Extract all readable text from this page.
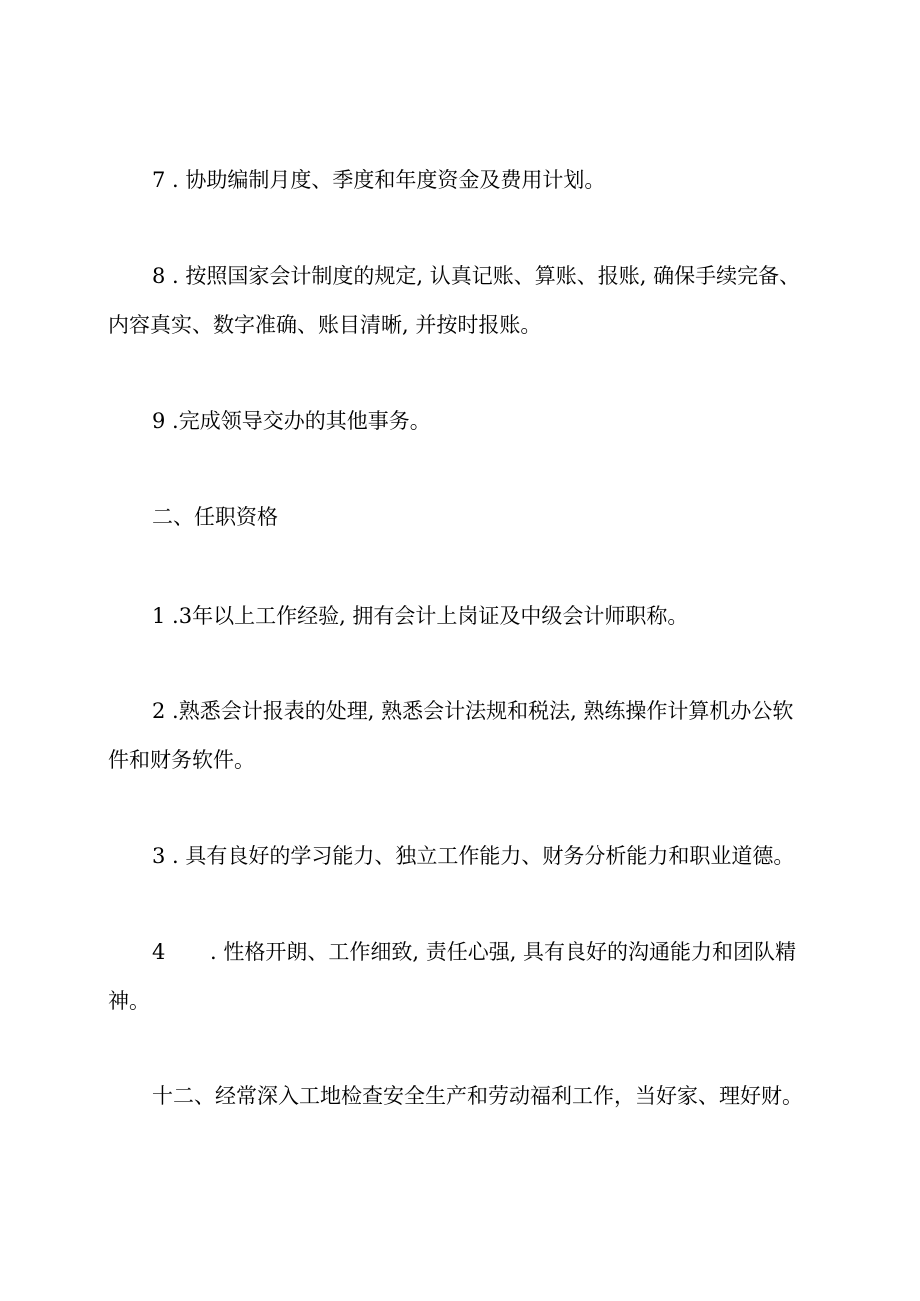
7 . 协助编制月度、季度和年度资金及费用计划。
8 . 按照国家会计制度的规定, 认真记账、算账、报账, 确保手续完备、
内容真实、数字准确、账目清晰, 并按时报账。
9 .完成领导交办的其他事务。
二、任职资格
1 .3年以上工作经验, 拥有会计上岗证及中级会计师职称。
2 .熟悉会计报表的处理, 熟悉会计法规和税法, 熟练操作计算机办公软
件和财务软件。
3 . 具有良好的学习能力、独立工作能力、财务分析能力和职业道德。
4 . 性格开朗、工作细致, 责任心强, 具有良好的沟通能力和团队精
神。
十二、经常深入工地检查安全生产和劳动福利工作，当好家、理好财。
